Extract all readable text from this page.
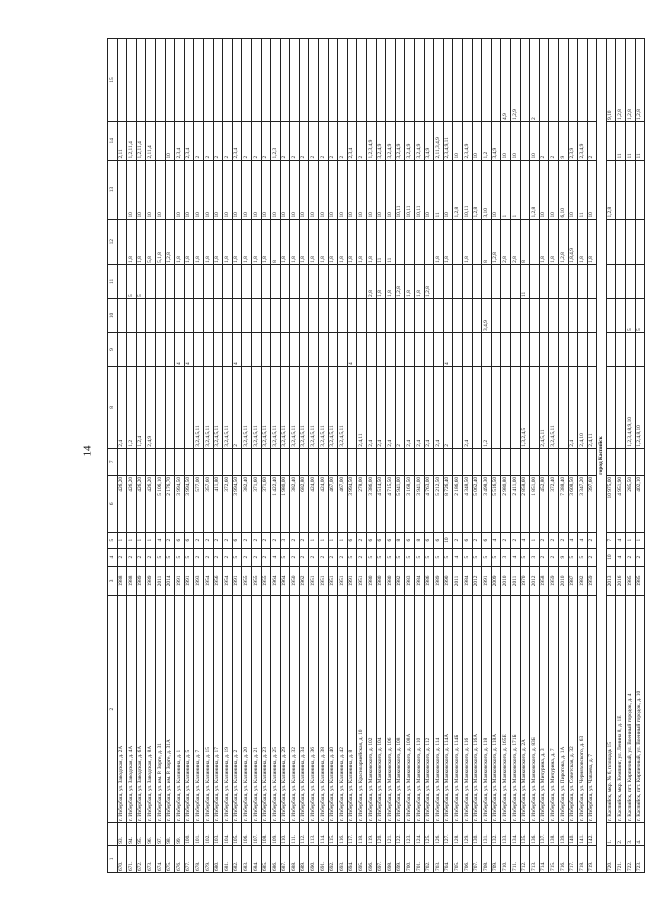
14
1		2	3	4	5	6	7	8	9	10	11	12	13	14	15
670.	93.	г. Избербаш, ул. Заводская, д. 2А	1988	2	1	426,20		2,4						2,11	
671.	94.	г. Избербаш, ул. Заводская, д. 4А	1988	2	1	426,20		1,2			5	1,8	10	1,2,11,4	
672.	95.	г. Избербаш, ул. Заводская, д. 6А	1989	2	1	426,20		1,2,4			5	1,8	10	1,2,11,4	
673.	96.	г. Избербаш, ул. Заводская, д. 8А	1989	2	1	426,20		2,4,9				5,8	10	2,11,4	
674.	97.	г. Избербаш, ул. им. Р. Зорге, д. 31	2011	5	4	5 106,10						5,1,8	10		
675.	98.	г. Избербаш, ул. им. Р. Зорге, д. 31А	2014	5	2	2 176,70						1,2,8		10	
676.	99.	г. Избербаш, ул. Калинина, д. 1	1991	5	6	3 994,50			4			1,8	10	2,3,4	
677.	100.	г. Избербаш, ул. Калинина, д. 5	1991	5	6	3 994,50			4			1,8	10	2,3,4	
678.	101.	г. Избербаш, ул. Калинина, д. 7	1993	2	2	577,00		3,2,4,5,11				1,8	10	2	
679.	102.	г. Избербаш, ул. Калинина, д. 15	1954	2	2	357,60		3,2,4,5,11				1,8	10	2	
680.	103.	г. Избербаш, ул. Калинина, д. 17	1956	2	2	411,80		3,2,4,5,11				1,8	10	2	
681.	104.	г. Избербаш, ул. Калинина, д. 19	1954	2	2	372,60		3,2,4,5,11				1,8	10	2	
682.	105.	г. Избербаш, ул. Калинина, д. 2	1991	5	6	3 994,50		2	4			1,8	10	2,3,4	
683.	106.	г. Избербаш, ул. Калинина, д. 20	1955	2	2	382,40		3,2,4,5,11				1,8	10	2	
684.	107.	г. Избербаш, ул. Калинина, д. 21	1955	2	2	371,60		3,2,4,5,11				1,8	10	2	
685.	108.	г. Избербаш, ул. Калинина, д. 23	1955	2	2	371,60		3,2,4,5,11				1,8	10	2	
686.	109.	г. Избербаш, ул. Калинина, д. 25	1964	4	2	1 422,40		3,2,4,5,11				8	10	1,2,3	
687.	110.	г. Избербаш, ул. Калинина, д. 29	1964	5	3	1 980,00		3,2,4,5,11				1,8	10	2	
688.	111.	г. Избербаш, ул. Калинина, д. 32	1950	2	2	382,40		3,2,4,5,11				1,8	10	2	
689.	112.	г. Избербаш, ул. Калинина, д. 34	1962	2	2	682,80		3,2,4,5,11				1,8	10	2	
690.	113.	г. Избербаш, ул. Калинина, д. 36	1951	2	1	424,00		3,2,4,5,11				1,8	10	2	
691.	114.	г. Избербаш, ул. Калинина, д. 38	1951	2	1	424,00		3,2,4,5,11				1,8	10	2	
692.	115.	г. Избербаш, ул. Калинина, д. 40	1951	2	1	467,00		3,2,4,5,11				1,8	10	2	
693.	116.	г. Избербаш, ул. Калинина, д. 42	1951	2	1	467,00		3,2,4,5,11				1,8	10	2	
694.	117.	г. Избербаш, ул. Калинина, д. 8	1991	5	6	3 994,50			4			1,8	10	2,3,4	
695.	118.	г. Избербаш, ул. Красноармейская, д. 10	1951	2	2	278,00		2,4,11				1,8	10	2	
696.	119.	г. Избербаш, ул. Маяковского, д. 102	1980	5	6	3 386,00		2,4			2,8	1,8	10	1,2,3,4,9	
697.	120.	г. Избербаш, ул. Маяковского, д. 104	1980	5	6	4 514,50		2,4			1,8	11	10	3,2,4,9	
698.	121.	г. Избербаш, ул. Маяковского, д. 106	1980	5	6	4 715,50		2,4			1,8	11	10	3,2,4,9	
699.	122.	г. Избербаш, ул. Маяковского, д. 108	1982	5	8	5 941,00		2			1,2,8		10,11	3,2,4,9	
700.	123.	г. Избербаш, ул. Маяковского, д. 108А	1983	5	6	3 168,50		2,4			1,8		10,11	3,2,4,9	
701.	124.	г. Избербаш, ул. Маяковского, д. 110	1984	5	8	3 941,00		2,4			1,8		10,11	3,2,4,9	
702.	125.	г. Избербаш, ул. Маяковского, д. 112	1986	5	6	4 763,00		2,4			1,2,8		10	3,4,9	
703.	126.	г. Избербаш, ул. Маяковского, д. 114	1989	5	6	5 212,50		2,4				1,8	11	2,11,3,4,9	
704.	127.	г. Избербаш, ул. Маяковского, д. 114А	1990	5	10	8 726,40		2	4			1,8	10	2,3,4,9,11	
705.	128.	г. Избербаш, ул. Маяковского, д. 114Б	2011	4	2	2 186,60							1,2,8	10	
706.	129.	г. Избербаш, ул. Маяковского, д. 116	1984	5	6	4 348,50		2,4				1,8	10,11	2,3,4,9	
707.	130.	г. Избербаш, ул. Маяковского, д. 116А	2012	5	2	5 062,40							1,2,8	10	
708.	131.	г. Избербаш, ул. Маяковского, д. 118	1991	5	6	3 498,30		1,2		3,4,9		8	3,10	1,2	
709.	132.	г. Избербаш, ул. Маяковского, д. 118А	2009	5	4	5 516,50						1,2,8	10	3,4,9	
710.	133.	г. Избербаш, ул. Маяковского, д. 165Е	2010	3	2	2 980,80						2,8	1	10	4,9
711.	134.	г. Избербаш, ул. Маяковского, д. 171Б	2011	4	2	2 411,00						2,8	1	10	1,2,9
712.	135.	г. Избербаш, ул. Маяковского, д. 2А	1970	5	4	2 858,60		1,3,2,4,5			11	8			
713.	136.	г. Избербаш, ул. Маяковского, д. 83Б	2012	3	1	1 851,00							1,2,8	10	2
714.	137.	г. Избербаш, ул. Мичурина, д. 3	1958	2	2	452,80		2,4,5,11				1,8	10	2	
715.	138.	г. Избербаш, ул. Мичурина, д. 7	1959	2	2	372,40		3,2,4,5,11				1,8	10	2	
716.	139.	г. Избербаш, ул. Пирогова, д. 1А	2010	9	2	7 388,40						1,2,8	6,10	9	
717.	140.	г. Избербаш, ул. Советская, д. 32	1987	5	4	3 608,50		2,4				1,8,4,9	10	2,3,9	
718.	141.	г. Избербаш, ул. Черняховского, д. 63	1982	5	4	3 347,20		2,4,10				1,8	11	2,3,4,9	
719.	142.	г. Избербаш, ул. Чапаева, д. 7	1959	2	2	397,60		2,4,11				1,8	10	2	
город Каспийск															
720.	1.	г. Каспийск, мкр. № 6, площадь 15	2013	10	7	10 975,00							1,2,8		9,10
721.	2.	г. Каспийск, мкр. Кемпинг, ул. Ленина 8, д. 1Е	2016	4	4	4 951,90								11	1,2,8
722.	3.	г. Каспийск, пгт. Кирпичный, ул. Военный городок, д. 4	1985	2	1	285,50		1,2,3,4,8,9,10		5				11	1,2,8
723.	4.	г. Каспийск, пгт. Кирпичный, ул. Военный городок, д. 10	1985	2	1	402,10		1,2,4,8,10		5				11	1,2,8
